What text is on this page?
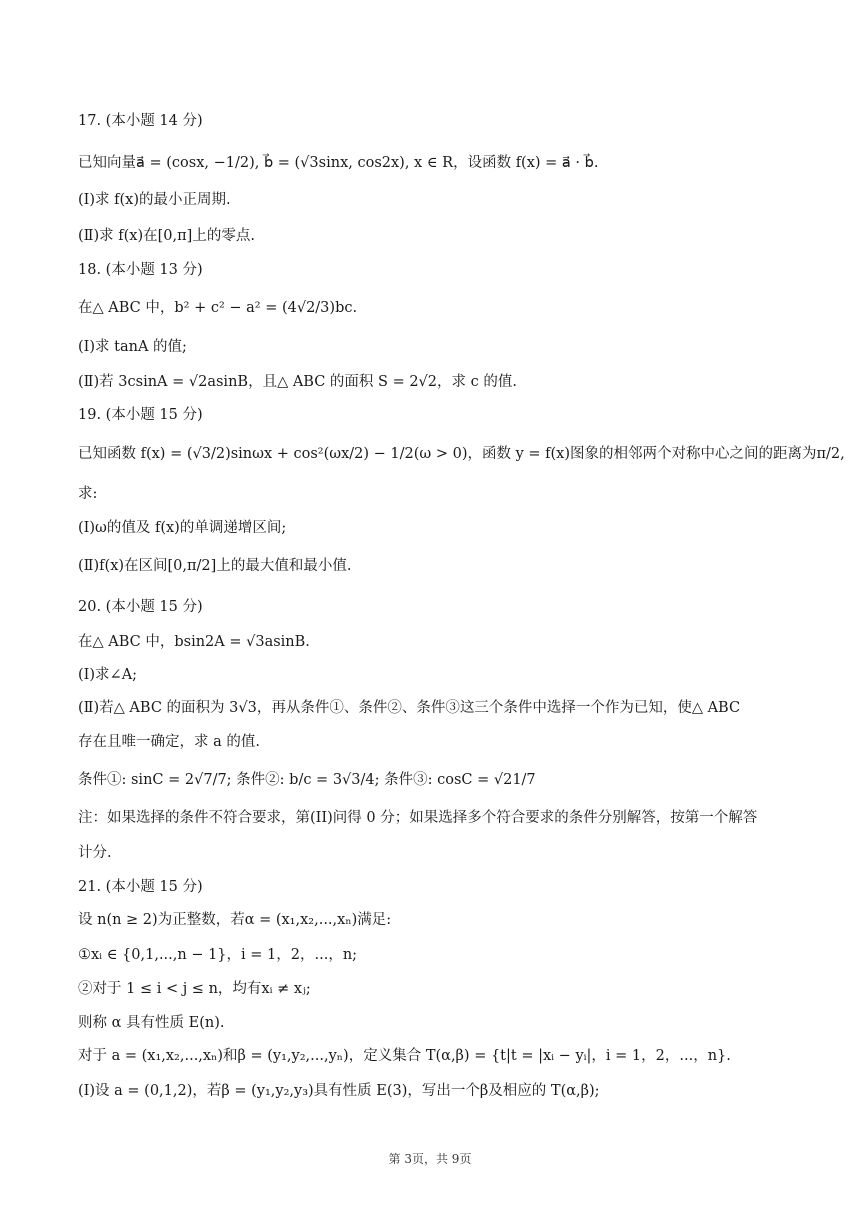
17. (本小题 14 分)
已知向量a⃗ = (cosx, −1/2), b⃗ = (√3sinx, cos2x), x ∈ R，设函数 f(x) = a⃗ · b⃗.
(Ⅰ)求 f(x)的最小正周期.
(Ⅱ)求 f(x)在[0,π]上的零点.
18. (本小题 13 分)
在△ ABC 中，b² + c² − a² = (4√2/3)bc.
(Ⅰ)求 tanA 的值;
(Ⅱ)若 3csinA = √2asinB，且△ ABC 的面积 S = 2√2，求 c 的值.
19. (本小题 15 分)
已知函数 f(x) = (√3/2)sinωx + cos²(ωx/2) − 1/2(ω > 0)，函数 y = f(x)图象的相邻两个对称中心之间的距离为π/2,
求:
(Ⅰ)ω的值及 f(x)的单调递增区间;
(Ⅱ)f(x)在区间[0,π/2]上的最大值和最小值.
20. (本小题 15 分)
在△ ABC 中，bsin2A = √3asinB.
(Ⅰ)求∠A;
(Ⅱ)若△ ABC 的面积为 3√3，再从条件①、条件②、条件③这三个条件中选择一个作为已知，使△ ABC
存在且唯一确定，求 a 的值.
条件①: sinC = 2√7/7; 条件②: b/c = 3√3/4; 条件③: cosC = √21/7
注：如果选择的条件不符合要求，第(II)问得 0 分；如果选择多个符合要求的条件分别解答，按第一个解答
计分.
21. (本小题 15 分)
设 n(n ≥ 2)为正整数，若α = (x₁,x₂,...,xₙ)满足:
①xᵢ ∈ {0,1,...,n − 1}，i = 1，2，...，n;
②对于 1 ≤ i < j ≤ n，均有xᵢ ≠ xⱼ;
则称 α 具有性质 E(n).
对于 a = (x₁,x₂,...,xₙ)和β = (y₁,y₂,...,yₙ)，定义集合 T(α,β) = {t|t = |xᵢ − yᵢ|，i = 1，2，...，n}.
(Ⅰ)设 a = (0,1,2)，若β = (y₁,y₂,y₃)具有性质 E(3)，写出一个β及相应的 T(α,β);
第 3页，共 9页
